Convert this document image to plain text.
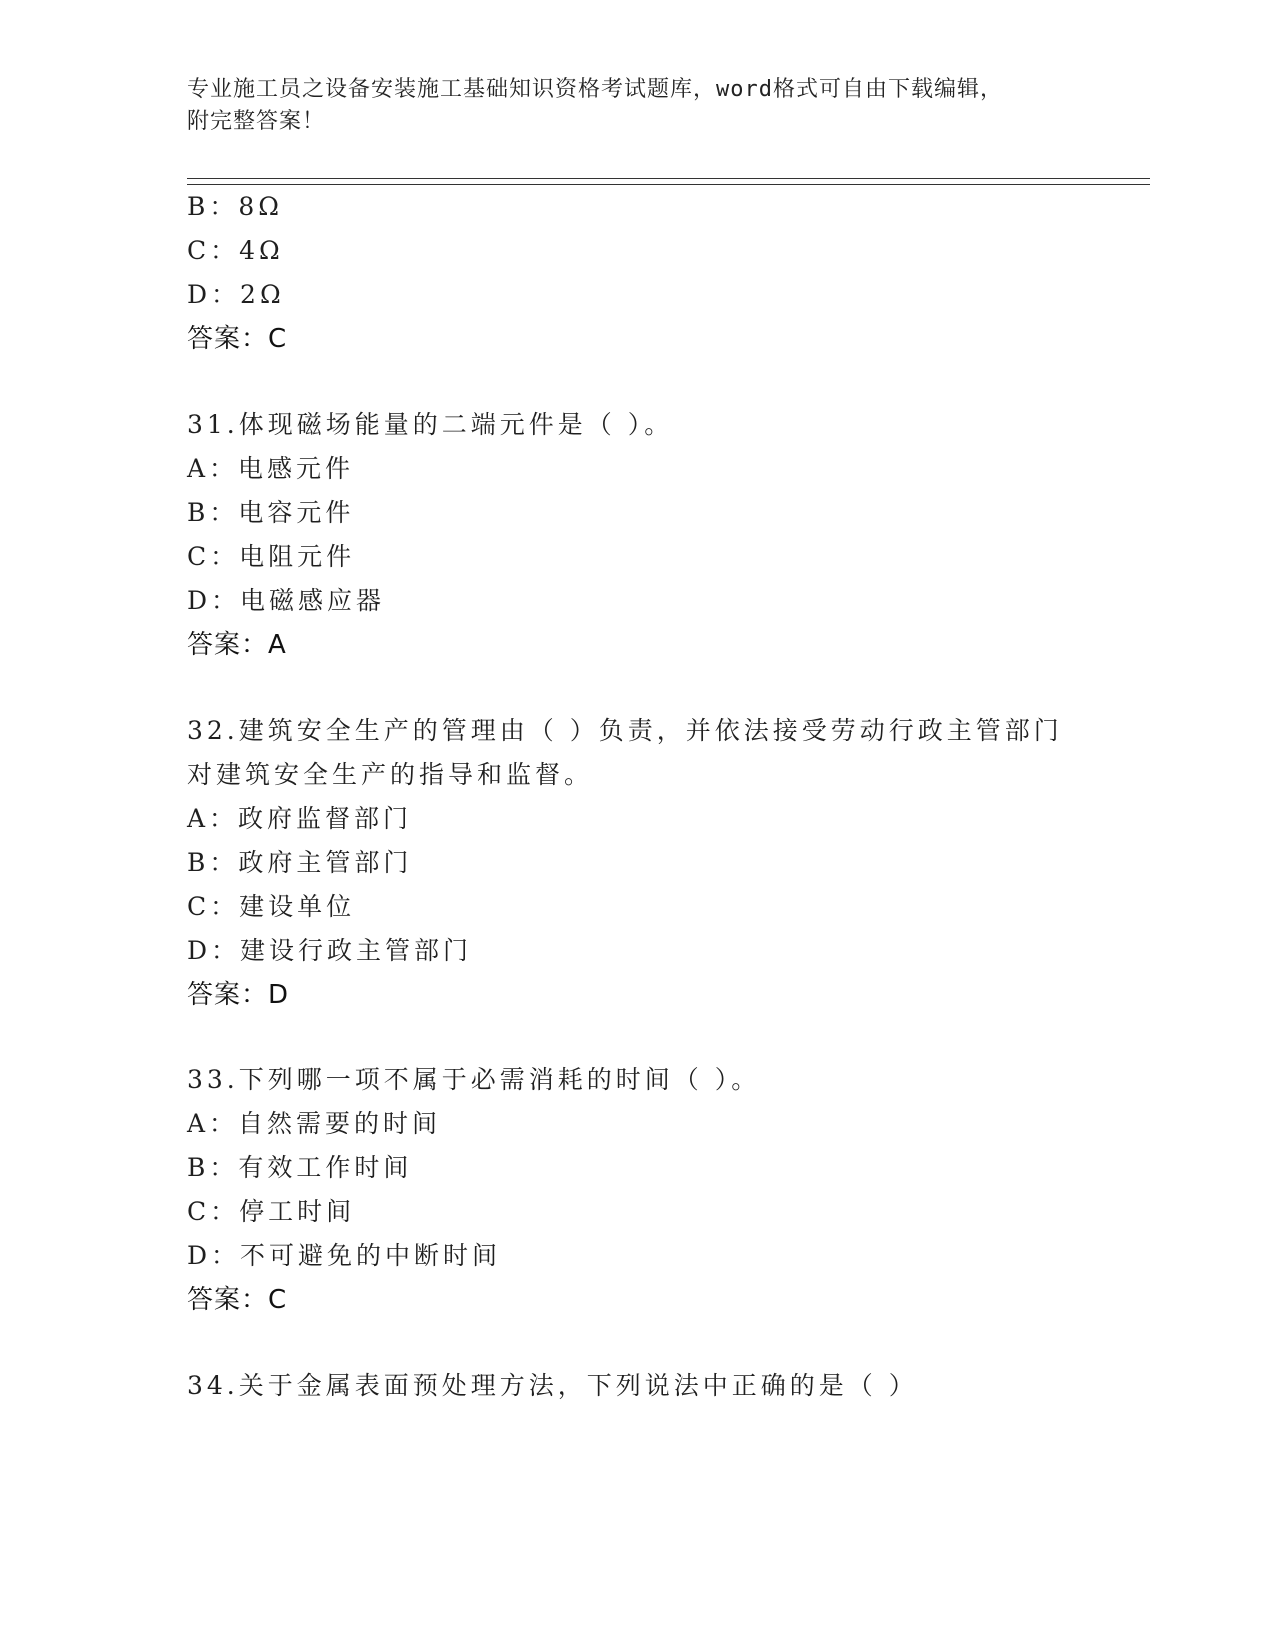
专业施工员之设备安装施工基础知识资格考试题库，word格式可自由下载编辑，
附完整答案！
B：8Ω
C：4Ω
D：2Ω
答案：C
31.体现磁场能量的二端元件是（ ）。
A：电感元件
B：电容元件
C：电阻元件
D：电磁感应器
答案：A
32.建筑安全生产的管理由（ ）负责，并依法接受劳动行政主管部门
对建筑安全生产的指导和监督。
A：政府监督部门
B：政府主管部门
C：建设单位
D：建设行政主管部门
答案：D
33.下列哪一项不属于必需消耗的时间（ ）。
A：自然需要的时间
B：有效工作时间
C：停工时间
D：不可避免的中断时间
答案：C
34.关于金属表面预处理方法，下列说法中正确的是（ ）
